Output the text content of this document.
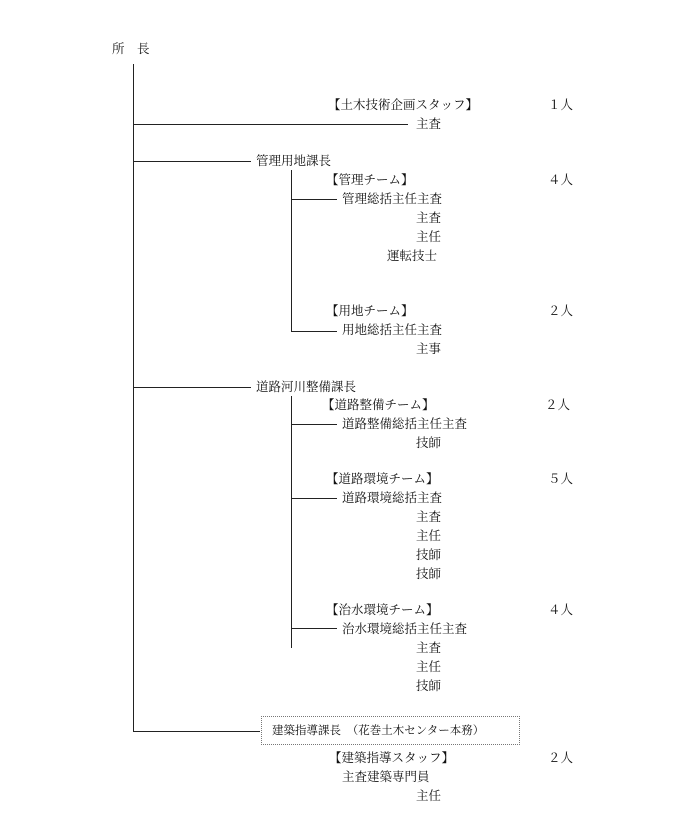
所　長
【土木技術企画スタッフ】	１人
主査
管理用地課長
【管理チーム】	４人
管理総括主任主査
主査
主任
運転技士
【用地チーム】	２人
用地総括主任主査
主事
道路河川整備課長
【道路整備チーム】	２人
道路整備総括主任主査
技師
【道路環境チーム】	５人
道路環境総括主査
主査
主任
技師
技師
【治水環境チーム】	４人
治水環境総括主任主査
主査
主任
技師
建築指導課長　（花巻土木センター本務）
【建築指導スタッフ】	２人
主査建築専門員
主任
